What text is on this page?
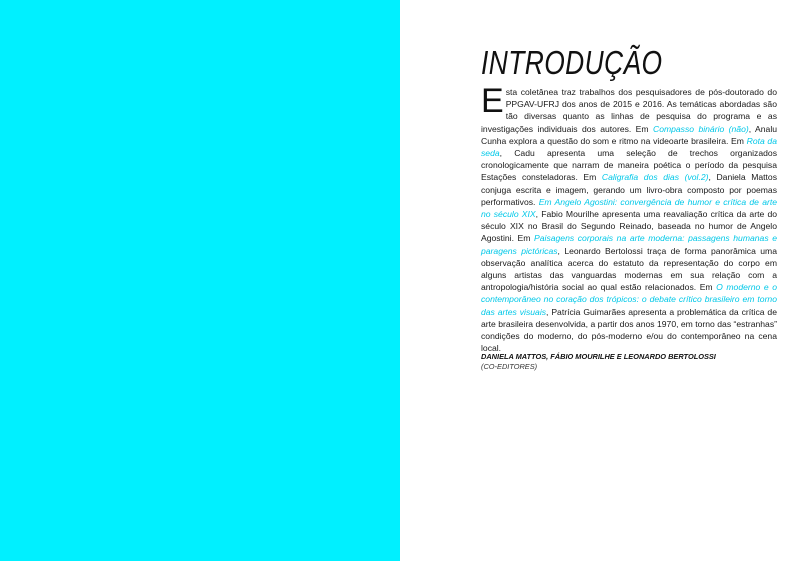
INTRODUÇÃO

Esta coletânea traz trabalhos dos pesquisadores de pós-doutorado do PPGAV-UFRJ dos anos de 2015 e 2016. As temáticas abordadas são tão diversas quanto as linhas de pesquisa do programa e as investigações individuais dos autores. Em Compasso binário (não), Analu Cunha explora a questão do som e ritmo na videoarte brasileira. Em Rota da seda, Cadu apresenta uma seleção de trechos organizados cronologicamente que narram de maneira poética o período da pesquisa Estações consteladoras. Em Caligrafia dos dias (vol.2), Daniela Mattos conjuga escrita e imagem, gerando um livro-obra composto por poemas performativos. Em Angelo Agostini: convergência de humor e crítica de arte no século XIX, Fabio Mourilhe apresenta uma reavaliação crítica da arte do século XIX no Brasil do Segundo Reinado, baseada no humor de Angelo Agostini. Em Paisagens corporais na arte moderna: passagens humanas e paragens pictóricas, Leonardo Bertolossi traça de forma panorâmica uma observação analítica acerca do estatuto da representação do corpo em alguns artistas das vanguardas modernas em sua relação com a antropologia/história social ao qual estão relacionados. Em O moderno e o contemporâneo no coração dos trópicos: o debate crítico brasileiro em torno das artes visuais, Patrícia Guimarães apresenta a problemática da crítica de arte brasileira desenvolvida, a partir dos anos 1970, em torno das “estranhas” condições do moderno, do pós-moderno e/ou do contemporâneo na cena local.

DANIELA MATTOS, FÁBIO MOURILHE E LEONARDO BERTOLOSSI
(CO-EDITORES)
